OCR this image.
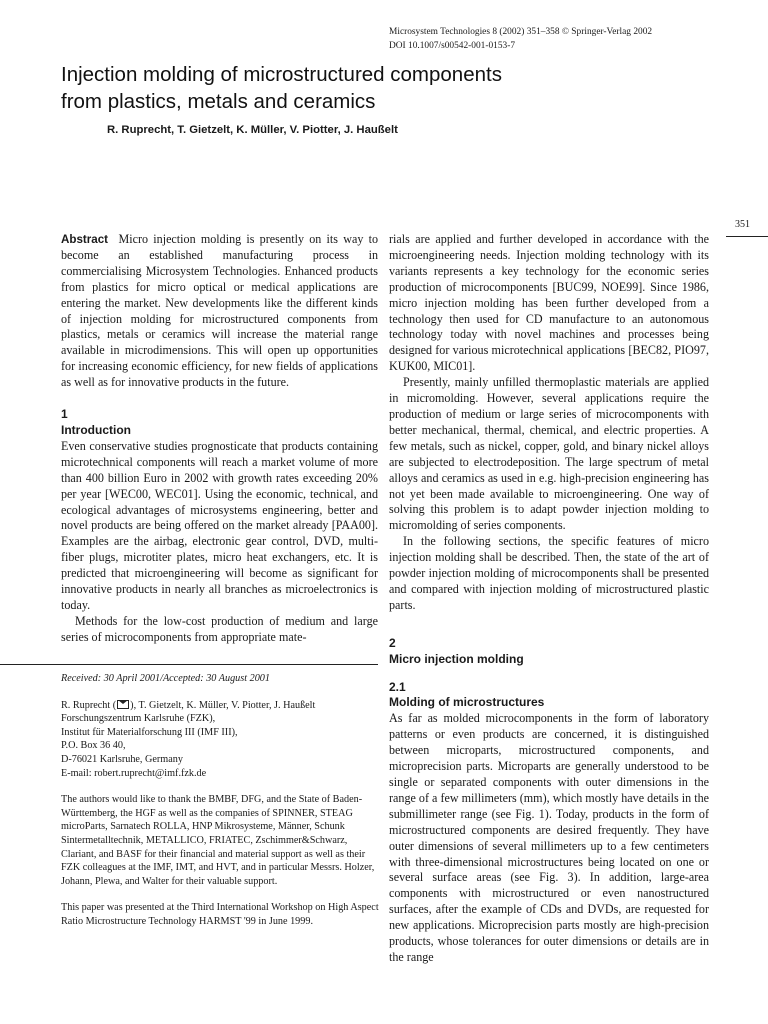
Microsystem Technologies 8 (2002) 351–358 © Springer-Verlag 2002
DOI 10.1007/s00542-001-0153-7
Injection molding of microstructured components
from plastics, metals and ceramics
R. Ruprecht, T. Gietzelt, K. Müller, V. Piotter, J. Haußelt
351

Abstract Micro injection molding is presently on its way to become an established manufacturing process in commercialising Microsystem Technologies. Enhanced products from plastics for micro optical or medical applications are entering the market. New developments like the different kinds of injection molding for microstructured components from plastics, metals or ceramics will increase the material range available in microdimensions. This will open up opportunities for increasing economic efficiency, for new fields of applications as well as for innovative products in the future.

1
Introduction

Even conservative studies prognosticate that products containing microtechnical components will reach a market volume of more than 400 billion Euro in 2002 with growth rates exceeding 20% per year [WEC00, WEC01]. Using the economic, technical, and ecological advantages of microsystems engineering, better and novel products are being offered on the market already [PAA00]. Examples are the airbag, electronic gear control, DVD, multi-fiber plugs, microtiter plates, micro heat exchangers, etc. It is predicted that microengineering will become as significant for innovative products in nearly all branches as microelectronics is today.

Methods for the low-cost production of medium and large series of microcomponents from appropriate mate-

Received: 30 April 2001/Accepted: 30 August 2001

R. Ruprecht ( ), T. Gietzelt, K. Müller, V. Piotter, J. Haußelt

Forschungszentrum Karlsruhe (FZK),

Institut für Materialforschung III (IMF III),

P.O. Box 36 40,

D-76021 Karlsruhe, Germany

E-mail: robert.ruprecht@imf.fzk.de

The authors would like to thank the BMBF, DFG, and the State of Baden-Württemberg, the HGF as well as the companies of SPINNER, STEAG microParts, Sarnatech ROLLA, HNP Mikrosysteme, Männer, Schunk Sintermetalltechnik, METALLICO, FRIATEC, Zschimmer&Schwarz, Clariant, and BASF for their financial and material support as well as their FZK colleagues at the IMF, IMT, and HVT, and in particular Messrs. Holzer, Johann, Plewa, and Walter for their valuable support.

This paper was presented at the Third International Workshop on High Aspect Ratio Microstructure Technology HARMST '99 in June 1999.

rials are applied and further developed in accordance with the microengineering needs. Injection molding technology with its variants represents a key technology for the economic series production of microcomponents [BUC99, NOE99]. Since 1986, micro injection molding has been further developed from a technology then used for CD manufacture to an autonomous technology today with novel machines and processes being designed for various microtechnical applications [BEC82, PIO97, KUK00, MIC01].

Presently, mainly unfilled thermoplastic materials are applied in micromolding. However, several applications require the production of medium or large series of microcomponents with better mechanical, thermal, chemical, and electric properties. A few metals, such as nickel, copper, gold, and binary nickel alloys are subjected to electrodeposition. The large spectrum of metal alloys and ceramics as used in e.g. high-precision engineering has not yet been made available to microengineering. One way of solving this problem is to adapt powder injection molding to micromolding of series components.

In the following sections, the specific features of micro injection molding shall be described. Then, the state of the art of powder injection molding of microcomponents shall be presented and compared with injection molding of microstructured plastic parts.

2
Micro injection molding
2.1
Molding of microstructures

As far as molded microcomponents in the form of laboratory patterns or even products are concerned, it is distinguished between microparts, microstructured components, and microprecision parts. Microparts are generally understood to be single or separated components with outer dimensions in the range of a few millimeters (mm), which mostly have details in the submillimeter range (see Fig. 1). Today, products in the form of microstructured components are desired frequently. They have outer dimensions of several millimeters up to a few centimeters with three-dimensional microstructures being located on one or several surface areas (see Fig. 3). In addition, large-area components with microstructured or even nanostructured surfaces, after the example of CDs and DVDs, are requested for new applications. Microprecision parts mostly are high-precision products, whose tolerances for outer dimensions or details are in the range
